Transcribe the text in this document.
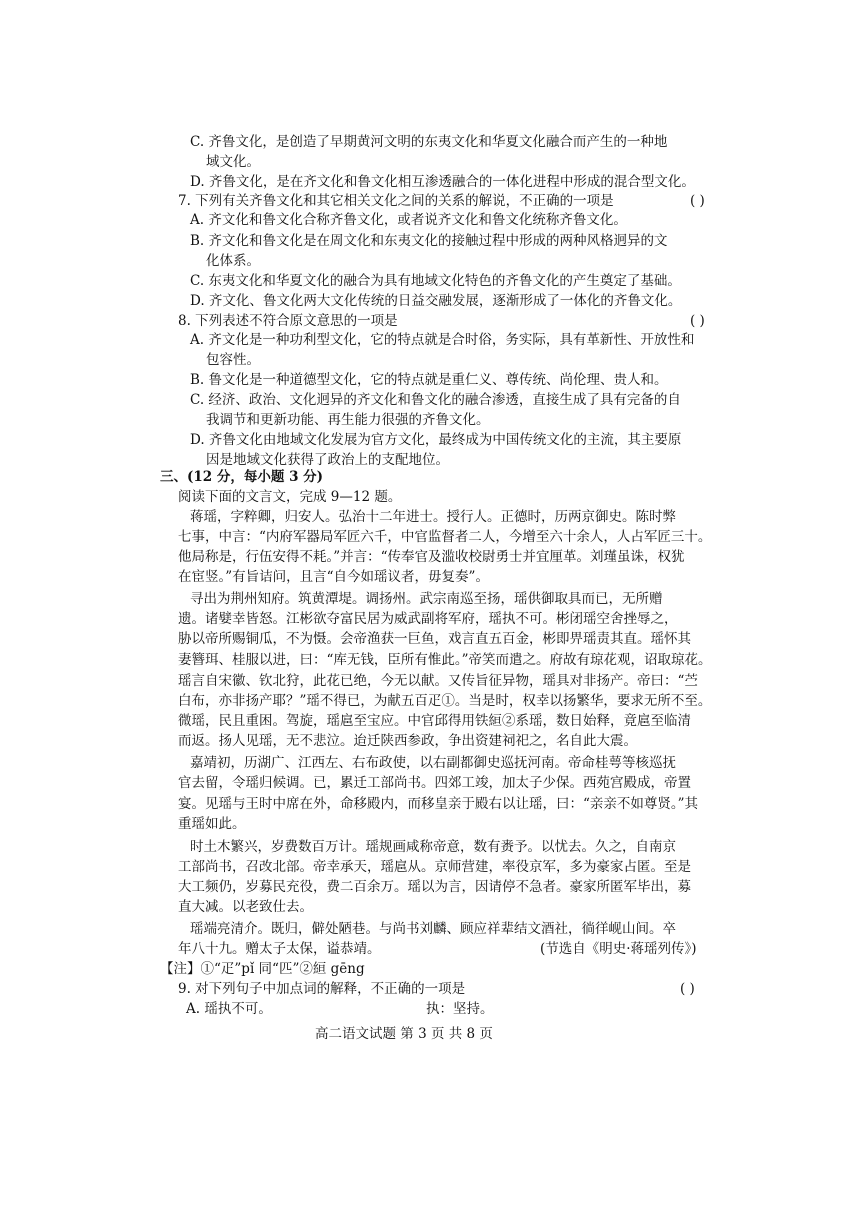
C. 齐鲁文化，是创造了早期黄河文明的东夷文化和华夏文化融合而产生的一种地
域文化。
D. 齐鲁文化，是在齐文化和鲁文化相互渗透融合的一体化进程中形成的混合型文化。
7. 下列有关齐鲁文化和其它相关文化之间的关系的解说，不正确的一项是	( )
A. 齐文化和鲁文化合称齐鲁文化，或者说齐文化和鲁文化统称齐鲁文化。
B. 齐文化和鲁文化是在周文化和东夷文化的接触过程中形成的两种风格迥异的文
化体系。
C. 东夷文化和华夏文化的融合为具有地域文化特色的齐鲁文化的产生奠定了基础。
D. 齐文化、鲁文化两大文化传统的日益交融发展，逐渐形成了一体化的齐鲁文化。
8. 下列表述不符合原文意思的一项是	( )
A. 齐文化是一种功利型文化，它的特点就是合时俗，务实际，具有革新性、开放性和
包容性。
B. 鲁文化是一种道德型文化，它的特点就是重仁义、尊传统、尚伦理、贵人和。
C. 经济、政治、文化迥异的齐文化和鲁文化的融合渗透，直接生成了具有完备的自
我调节和更新功能、再生能力很强的齐鲁文化。
D. 齐鲁文化由地域文化发展为官方文化，最终成为中国传统文化的主流，其主要原
因是地域文化获得了政治上的支配地位。
三、(12 分，每小题 3 分)
阅读下面的文言文，完成 9—12 题。
蒋瑶，字粹卿，归安人。弘治十二年进士。授行人。正德时，历两京御史。陈时弊
七事，中言：“内府军器局军匠六千，中官监督者二人，今增至六十余人，人占军匠三十。
他局称是，行伍安得不耗。”并言：“传奉官及滥收校尉勇士并宜厘革。刘瑾虽诛，权犹
在宦竖。”有旨诘问，且言“自今如瑶议者，毋复奏”。
寻出为荆州知府。筑黄潭堤。调扬州。武宗南巡至扬，瑶供御取具而已，无所赠
遗。诸嬖幸皆怒。江彬欲夺富民居为威武副将军府，瑶执不可。彬闭瑶空舍挫辱之，
胁以帝所赐铜瓜，不为慑。会帝渔获一巨鱼，戏言直五百金，彬即畀瑶责其直。瑶怀其
妻簪珥、桂服以进，曰：“库无钱，臣所有惟此。”帝笑而遣之。府故有琼花观，诏取琼花。
瑶言自宋徽、钦北狩，此花已绝，今无以献。又传旨征异物，瑶具对非扬产。帝曰：“苎
白布，亦非扬产耶？”瑶不得已，为献五百疋①。当是时，权幸以扬繁华，要求无所不至。
微瑶，民且重困。驾旋，瑶扈至宝应。中官邱得用铁絙②系瑶，数日始释，竟扈至临清
而返。扬人见瑶，无不悲泣。迨迁陕西参政，争出资建祠祀之，名自此大震。
嘉靖初，历湖广、江西左、右布政使，以右副都御史巡抚河南。帝命桂萼等核巡抚
官去留，令瑶归候调。已，累迁工部尚书。四郊工竣，加太子少保。西苑宫殿成，帝置
宴。见瑶与王时中席在外，命移殿内，而移皇亲于殿右以让瑶，曰：“亲亲不如尊贤。”其
重瑶如此。
时土木繁兴，岁费数百万计。瑶规画咸称帝意，数有赉予。以忧去。久之，自南京
工部尚书，召改北部。帝幸承天，瑶扈从。京师营建，率役京军，多为豪家占匿。至是
大工频仍，岁募民充役，费二百余万。瑶以为言，因请停不急者。豪家所匿军毕出，募
直大减。以老致仕去。
瑶端亮清介。既归，僻处陋巷。与尚书刘麟、顾应祥辈结文酒社，徜徉岘山间。卒
年八十九。赠太子太保，谥恭靖。	(节选自《明史·蒋瑶列传》)
【注】①“疋”pǐ 同“匹”②絙 gēng
9. 对下列句子中加点词的解释，不正确的一项是	( )
A. 瑶执不可。	执：坚持。
高二语文试题 第 3 页 共 8 页
